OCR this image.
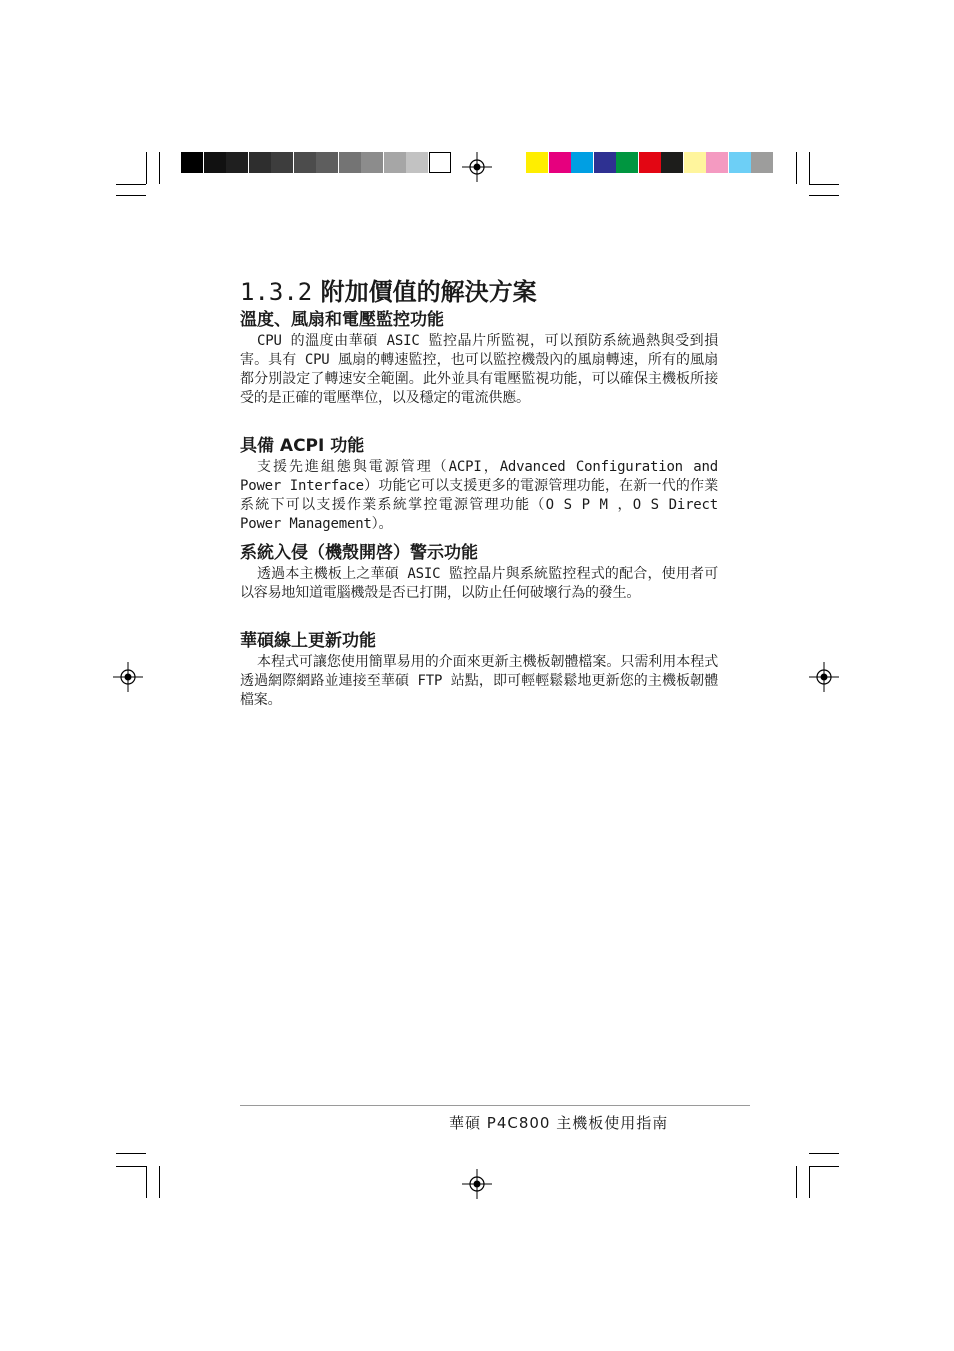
1.3.2 附加價值的解決方案
溫度、風扇和電壓監控功能

CPU 的溫度由華碩 ASIC 監控晶片所監視，可以預防系統過熱與受到損害。具有 CPU 風扇的轉速監控，也可以監控機殼內的風扇轉速，所有的風扇都分別設定了轉速安全範圍。此外並具有電壓監視功能，可以確保主機板所接受的是正確的電壓準位，以及穩定的電流供應。

具備 ACPI 功能

支援先進組態與電源管理（ACPI，Advanced Configuration and Power Interface）功能它可以支援更多的電源管理功能，在新一代的作業系統下可以支援作業系統掌控電源管理功能（O S P M ，O S Direct Power Management）。

系統入侵（機殼開啓）警示功能

透過本主機板上之華碩 ASIC 監控晶片與系統監控程式的配合，使用者可以容易地知道電腦機殼是否已打開，以防止任何破壞行為的發生。

華碩線上更新功能

本程式可讓您使用簡單易用的介面來更新主機板韌體檔案。只需利用本程式透過網際網路並連接至華碩 FTP 站點，即可輕輕鬆鬆地更新您的主機板韌體檔案。

華碩 P4C800 主機板使用指南
